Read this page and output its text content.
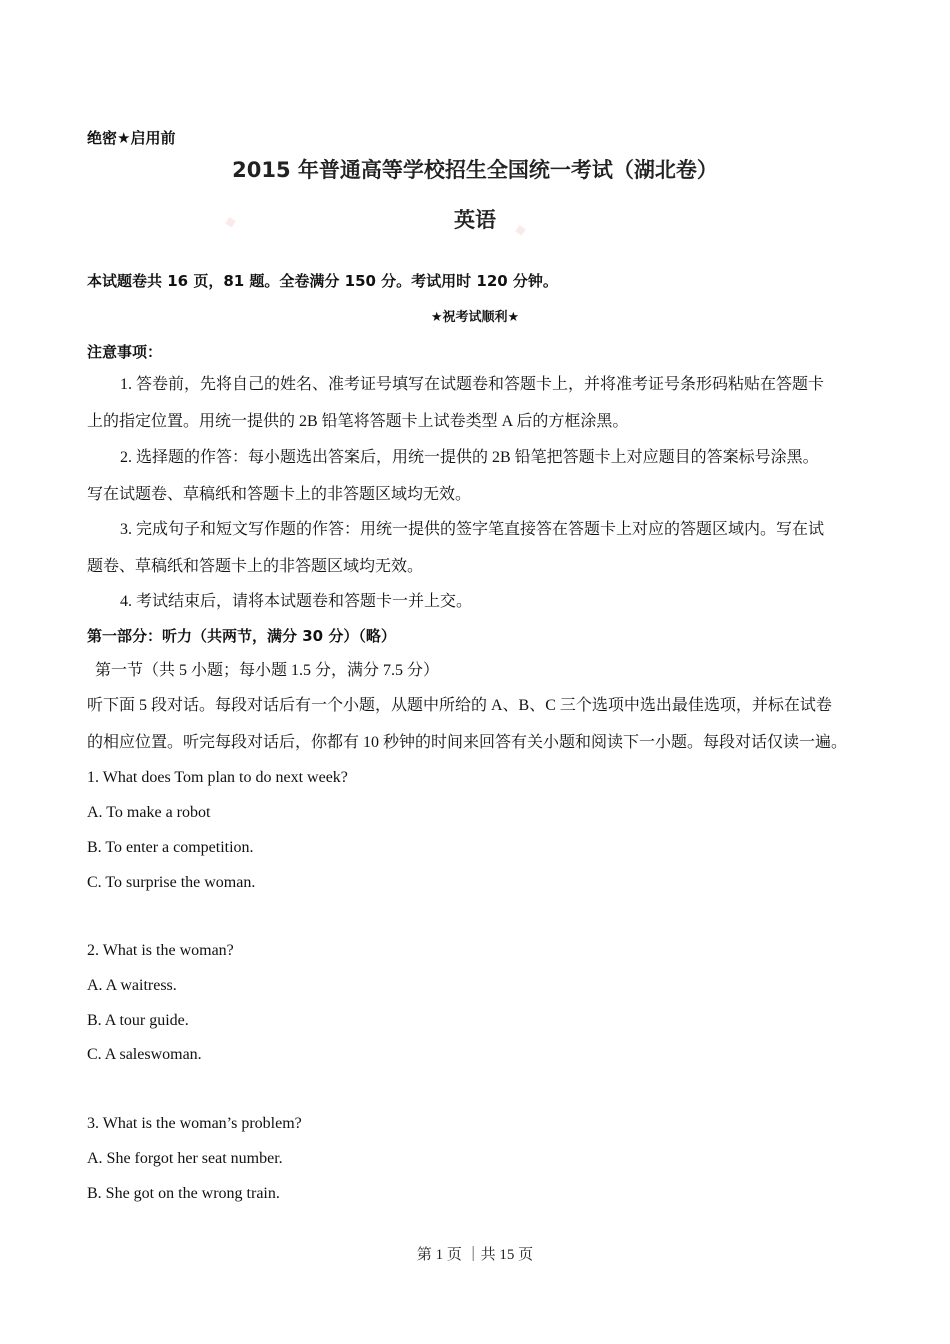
绝密★启用前
2015 年普通高等学校招生全国统一考试（湖北卷）
英语
◆	◆
本试题卷共 16 页，81 题。全卷满分 150 分。考试用时 120 分钟。
★祝考试顺利★
注意事项：
1. 答卷前，先将自己的姓名、准考证号填写在试题卷和答题卡上，并将准考证号条形码粘贴在答题卡
上的指定位置。用统一提供的 2B 铅笔将答题卡上试卷类型 A 后的方框涂黑。
2. 选择题的作答：每小题选出答案后，用统一提供的 2B 铅笔把答题卡上对应题目的答案标号涂黑。
写在试题卷、草稿纸和答题卡上的非答题区域均无效。
3. 完成句子和短文写作题的作答：用统一提供的签字笔直接答在答题卡上对应的答题区域内。写在试
题卷、草稿纸和答题卡上的非答题区域均无效。
4. 考试结束后，请将本试题卷和答题卡一并上交。
第一部分：听力（共两节，满分 30 分）（略）
第一节（共 5 小题；每小题 1.5 分，满分 7.5 分）
听下面 5 段对话。每段对话后有一个小题，从题中所给的 A、B、C 三个选项中选出最佳选项，并标在试卷
的相应位置。听完每段对话后，你都有 10 秒钟的时间来回答有关小题和阅读下一小题。每段对话仅读一遍。
1. What does Tom plan to do next week?
A. To make a robot
B. To enter a competition.
C. To surprise the woman.
2. What is the woman?
A. A waitress.
B. A tour guide.
C. A saleswoman.
3. What is the woman’s problem?
A. She forgot her seat number.
B. She got on the wrong train.
第 1 页 ｜共 15 页
